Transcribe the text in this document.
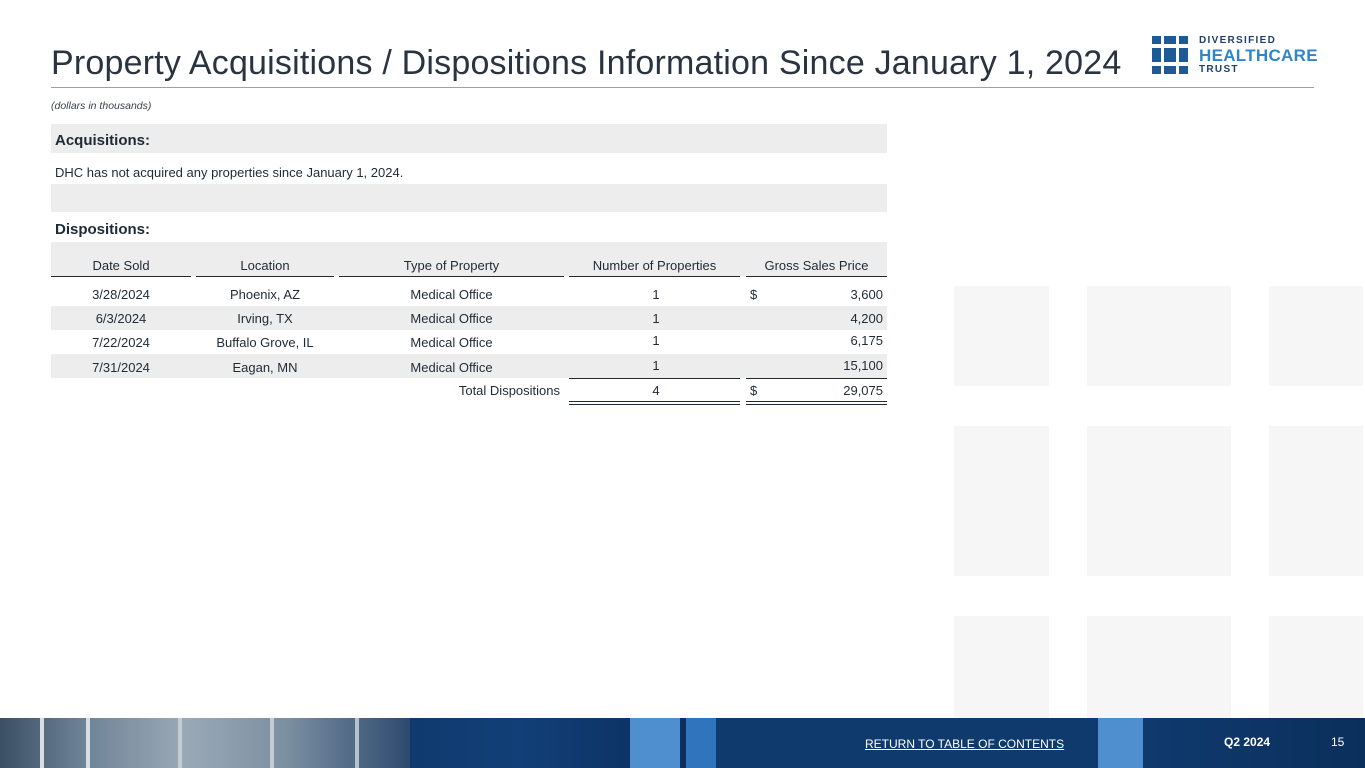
Property Acquisitions / Dispositions Information Since January 1, 2024
(dollars in thousands)
DIVERSIFIED
HEALTHCARE
TRUST
Acquisitions:
DHC has not acquired any properties since January 1, 2024.
Dispositions:
Date Sold	Location	Type of Property	Number of Properties	Gross Sales Price
3/28/2024	Phoenix, AZ	Medical Office	1	$	3,600
6/3/2024	Irving, TX	Medical Office	1	4,200
7/22/2024	Buffalo Grove, IL	Medical Office	1	6,175
7/31/2024	Eagan, MN	Medical Office	1	15,100
Total Dispositions	4	$	29,075
RETURN TO TABLE OF CONTENTS	Q2 2024	15
